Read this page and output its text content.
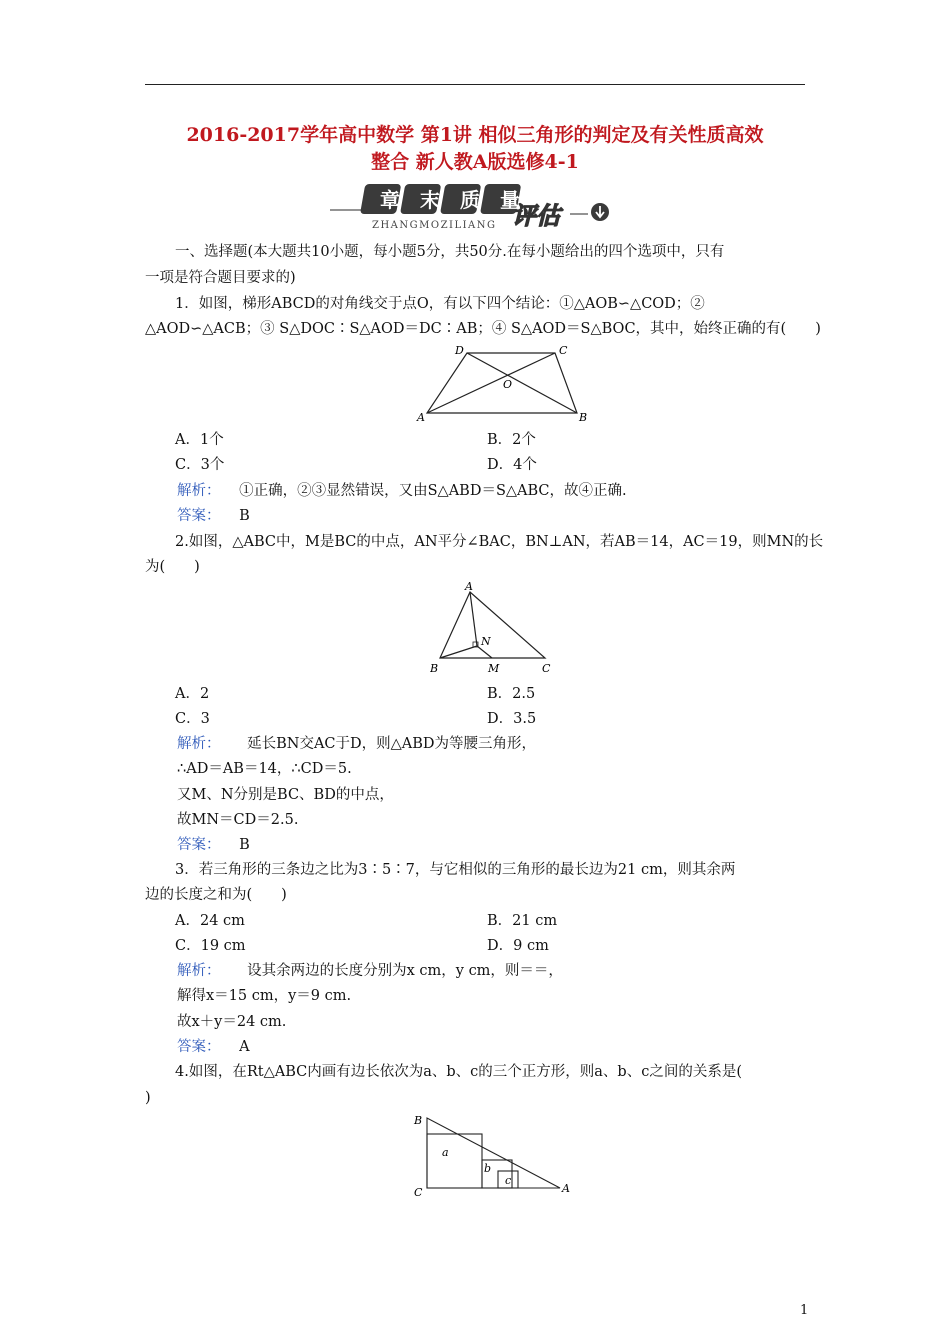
2016-2017学年高中数学 第1讲 相似三角形的判定及有关性质高效
整合 新人教A版选修4-1
章 末 质 量
ZHANGMOZILIANG 评估
一、选择题(本大题共10小题，每小题5分，共50分.在每小题给出的四个选项中，只有
一项是符合题目要求的)
1．如图，梯形ABCD的对角线交于点O，有以下四个结论：①△AOB∽△COD；②
△AOD∽△ACB；③ S△DOC∶S△AOD＝DC∶AB；④ S△AOD＝S△BOC，其中，始终正确的有(　　)
D	C
O
A	B
A．1个	B．2个
C．3个	D．4个
解析： ①正确，②③显然错误，又由S△ABD＝S△ABC，故④正确.
答案： B
2.如图，△ABC中，M是BC的中点，AN平分∠BAC，BN⊥AN，若AB＝14，AC＝19，则MN的长
为(　　)
A
N
B	M	C
A．2	B．2.5
C．3	D．3.5
解析： 延长BN交AC于D，则△ABD为等腰三角形，
∴AD＝AB＝14，∴CD＝5.
又M、N分别是BC、BD的中点，
故MN＝CD＝2.5.
答案： B
3．若三角形的三条边之比为3∶5∶7，与它相似的三角形的最长边为21 cm，则其余两
边的长度之和为(　　)
A．24 cm	B．21 cm
C．19 cm	D．9 cm
解析： 设其余两边的长度分别为x cm，y cm，则＝＝，
解得x＝15 cm，y＝9 cm.
故x＋y＝24 cm.
答案： A
4.如图，在Rt△ABC内画有边长依次为a、b、c的三个正方形，则a、b、c之间的关系是(
)
B
a
b
c
C	A
1
